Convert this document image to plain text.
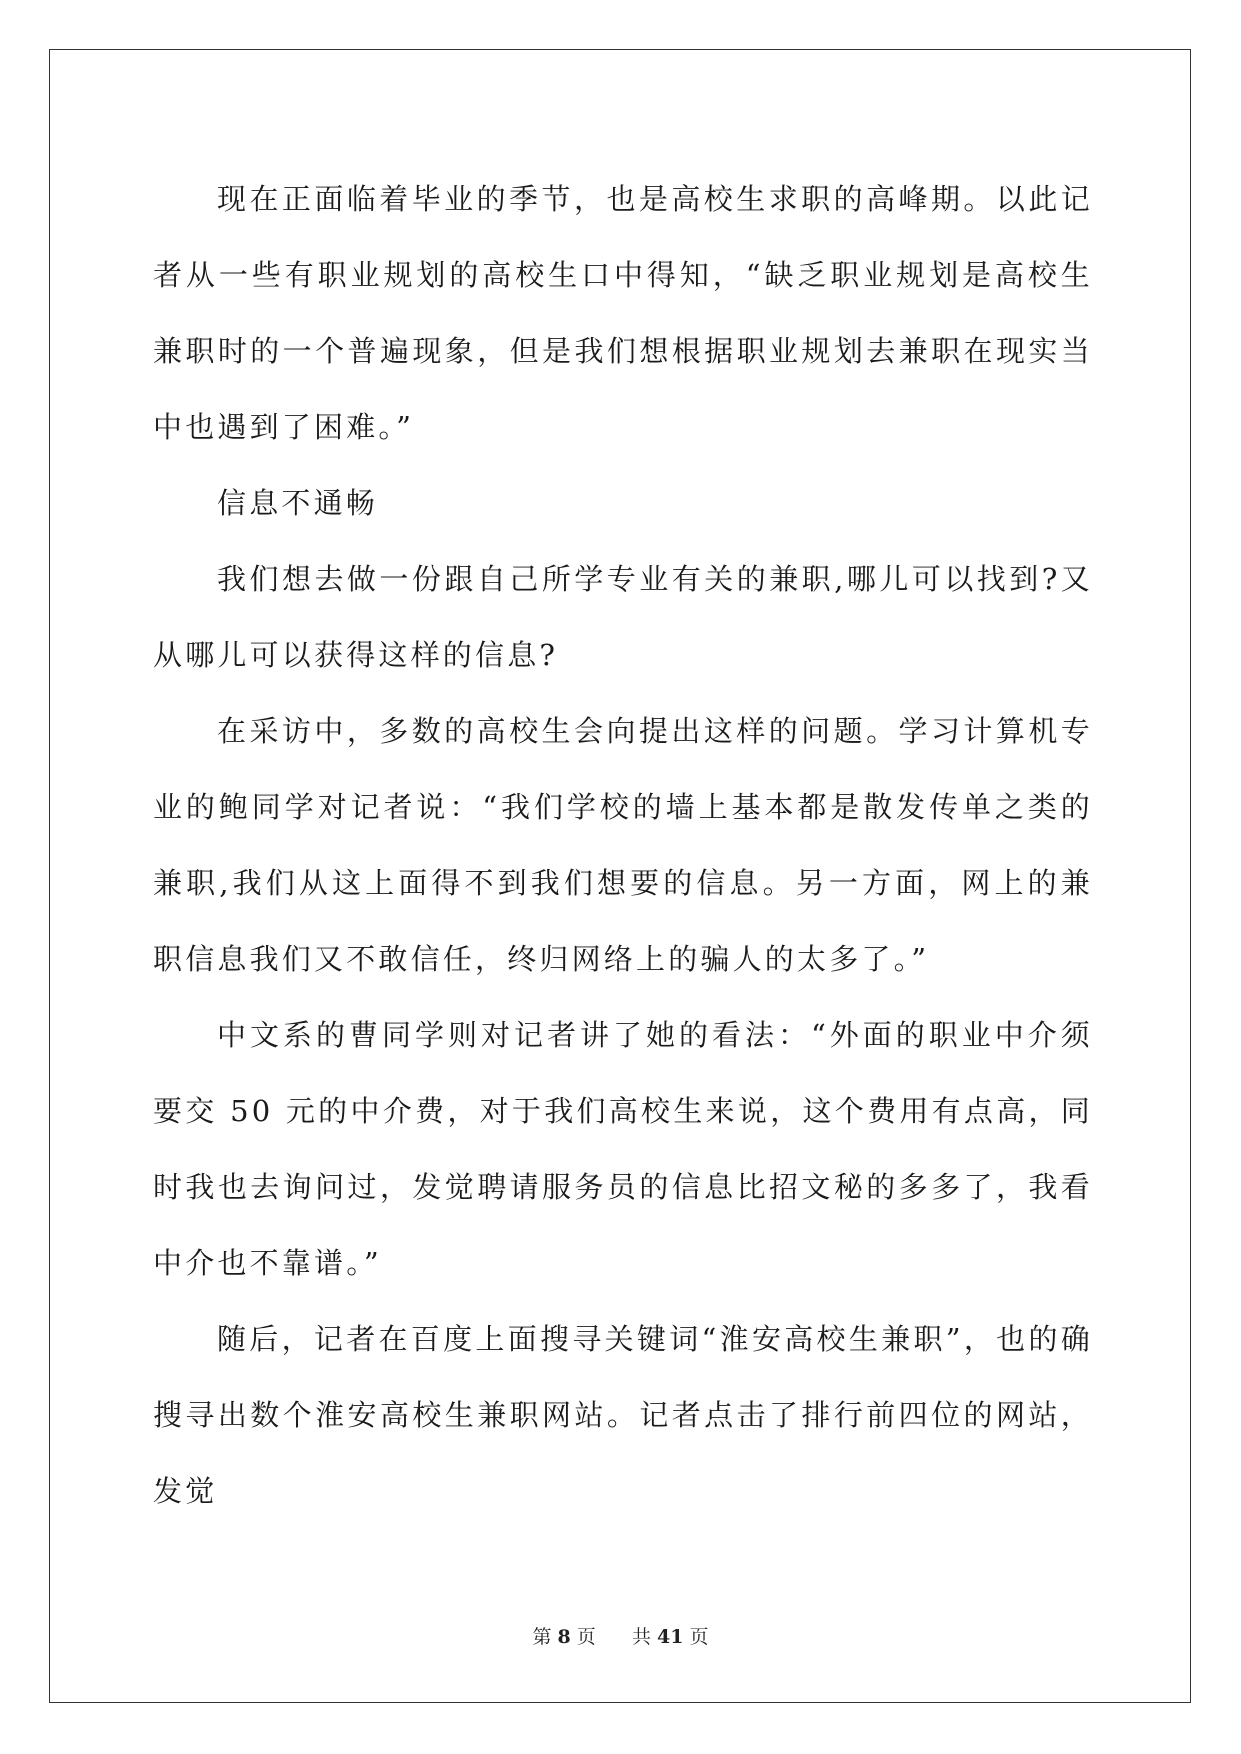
现在正面临着毕业的季节，也是高校生求职的高峰期。以此记者从一些有职业规划的高校生口中得知，“缺乏职业规划是高校生兼职时的一个普遍现象，但是我们想根据职业规划去兼职在现实当中也遇到了困难。”

信息不通畅

我们想去做一份跟自己所学专业有关的兼职,哪儿可以找到?又从哪儿可以获得这样的信息?

在采访中，多数的高校生会向提出这样的问题。学习计算机专业的鲍同学对记者说：“我们学校的墙上基本都是散发传单之类的兼职,我们从这上面得不到我们想要的信息。另一方面，网上的兼职信息我们又不敢信任，终归网络上的骗人的太多了。”

中文系的曹同学则对记者讲了她的看法：“外面的职业中介须要交 50 元的中介费，对于我们高校生来说，这个费用有点高，同时我也去询问过，发觉聘请服务员的信息比招文秘的多多了，我看中介也不靠谱。”

随后，记者在百度上面搜寻关键词“淮安高校生兼职”，也的确搜寻出数个淮安高校生兼职网站。记者点击了排行前四位的网站，发觉

第 8 页 共 41 页
